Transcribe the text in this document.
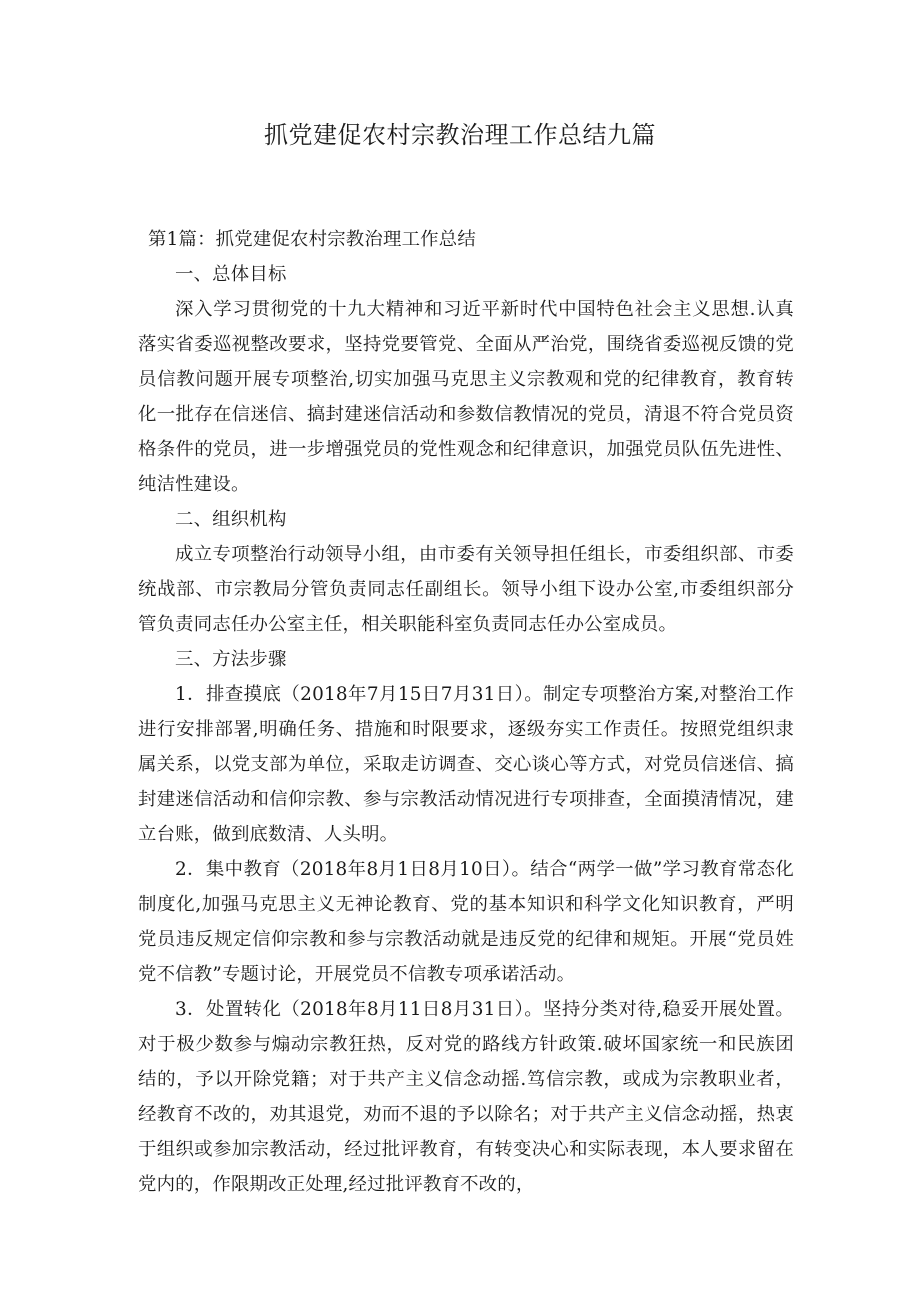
抓党建促农村宗教治理工作总结九篇

第1篇：抓党建促农村宗教治理工作总结

一、总体目标

深入学习贯彻党的十九大精神和习近平新时代中国特色社会主义思想.认真落实省委巡视整改要求，坚持党要管党、全面从严治党，围绕省委巡视反馈的党员信教问题开展专项整治,切实加强马克思主义宗教观和党的纪律教育，教育转化一批存在信迷信、搞封建迷信活动和参数信教情况的党员，清退不符合党员资格条件的党员，进一步增强党员的党性观念和纪律意识，加强党员队伍先进性、纯洁性建设。

二、组织机构

成立专项整治行动领导小组，由市委有关领导担任组长，市委组织部、市委统战部、市宗教局分管负责同志任副组长。领导小组下设办公室,市委组织部分管负责同志任办公室主任，相关职能科室负责同志任办公室成员。

三、方法步骤

1．排查摸底（2018年7月15日7月31日）。制定专项整治方案,对整治工作进行安排部署,明确任务、措施和时限要求，逐级夯实工作责任。按照党组织隶属关系，以党支部为单位，采取走访调查、交心谈心等方式，对党员信迷信、搞封建迷信活动和信仰宗教、参与宗教活动情况进行专项排查，全面摸清情况，建立台账，做到底数清、人头明。

2．集中教育（2018年8月1日8月10日）。结合“两学一做”学习教育常态化制度化,加强马克思主义无神论教育、党的基本知识和科学文化知识教育，严明党员违反规定信仰宗教和参与宗教活动就是违反党的纪律和规矩。开展“党员姓党不信教”专题讨论，开展党员不信教专项承诺活动。

3．处置转化（2018年8月11日8月31日）。坚持分类对待,稳妥开展处置。对于极少数参与煽动宗教狂热，反对党的路线方针政策.破坏国家统一和民族团结的，予以开除党籍；对于共产主义信念动摇.笃信宗教，或成为宗教职业者，经教育不改的，劝其退党，劝而不退的予以除名；对于共产主义信念动摇，热衷于组织或参加宗教活动，经过批评教育，有转变决心和实际表现，本人要求留在党内的，作限期改正处理,经过批评教育不改的，
